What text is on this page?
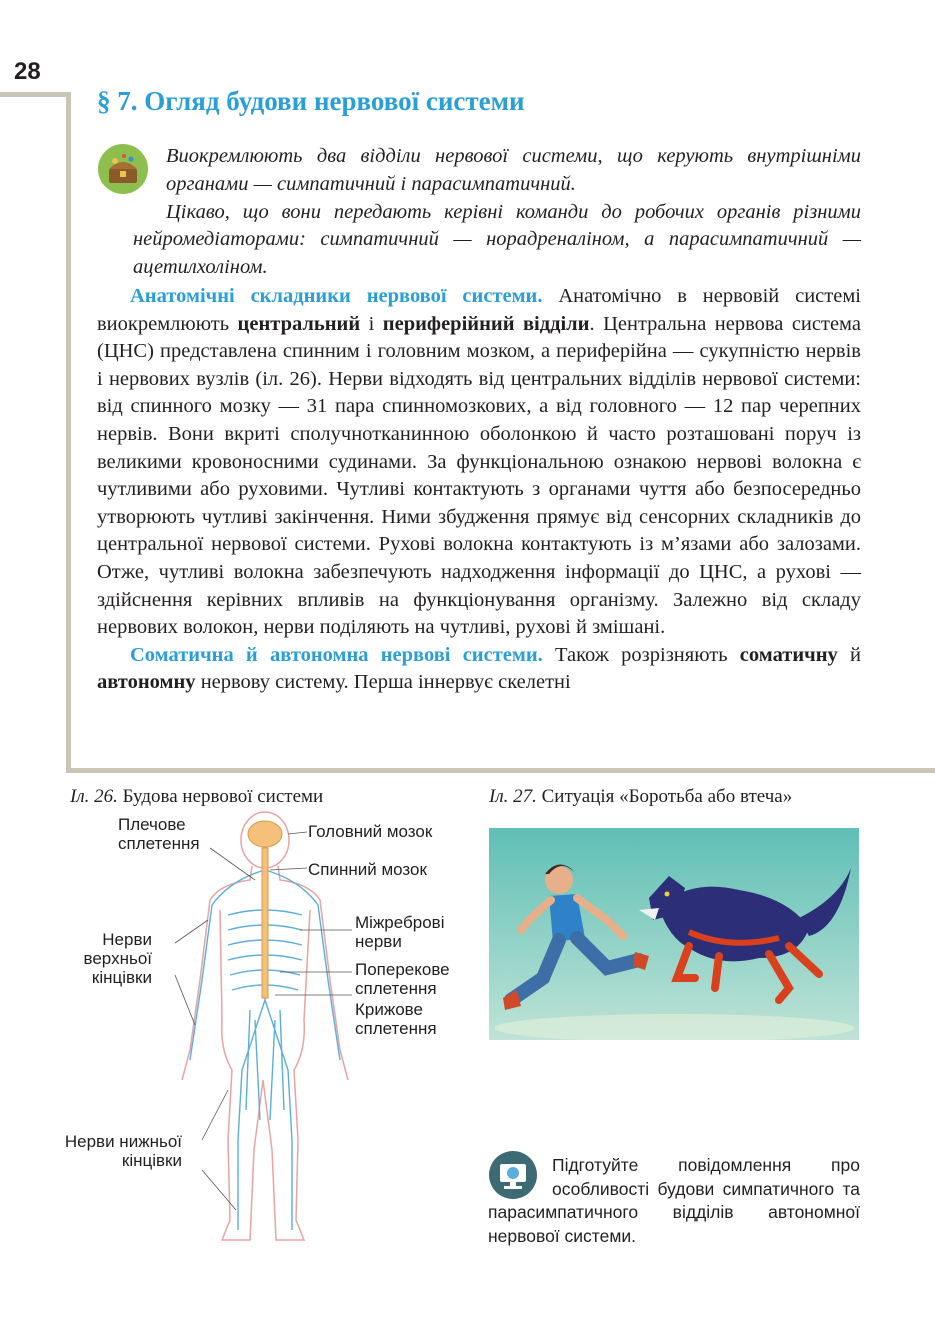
28
§ 7. Огляд будови нервової системи

Виокремлюють два відділи нервової системи, що керують внутрішніми органами — симпатичний і парасимпатичний.

Цікаво, що вони передають керівні команди до робочих органів різними нейромедіаторами: симпатичний — норадреналіном, а парасимпатичний — ацетилхоліном.

Анатомічні складники нервової системи. Анатомічно в нервовій системі виокремлюють центральний і периферійний відділи. Центральна нервова система (ЦНС) представлена спинним і головним мозком, а периферійна — сукупністю нервів і нервових вузлів (іл. 26). Нерви відходять від центральних відділів нервової системи: від спинного мозку — 31 пара спинномозкових, а від головного — 12 пар черепних нервів. Вони вкриті сполучнотканинною оболонкою й часто розташовані поруч із великими кровоносними судинами. За функціональною ознакою нервові волокна є чутливими або руховими. Чутливі контактують з органами чуття або безпосередньо утворюють чутливі закінчення. Ними збудження прямує від сенсорних складників до центральної нервової системи. Рухові волокна контактують із м’язами або залозами. Отже, чутливі волокна забезпечують надходження інформації до ЦНС, а рухові — здійснення керівних впливів на функціонування організму. Залежно від складу нервових волокон, нерви поділяють на чутливі, рухові й змішані.

Соматична й автономна нервові системи. Також розрізняють соматичну й автономну нервову систему. Перша іннервує скелетні

Іл. 26. Будова нервової системи	Іл. 27. Ситуація «Боротьба або втеча»
Плечове сплетення
Головний мозок
Спинний мозок
Нерви верхньої кінцівки
Міжреброві нерви
Поперекове сплетення
Крижове сплетення
Нерви нижньої кінцівки	Підготуйте повідомлення про особливості будови симпатичного та парасимпатичного відділів автономної нервової системи.
